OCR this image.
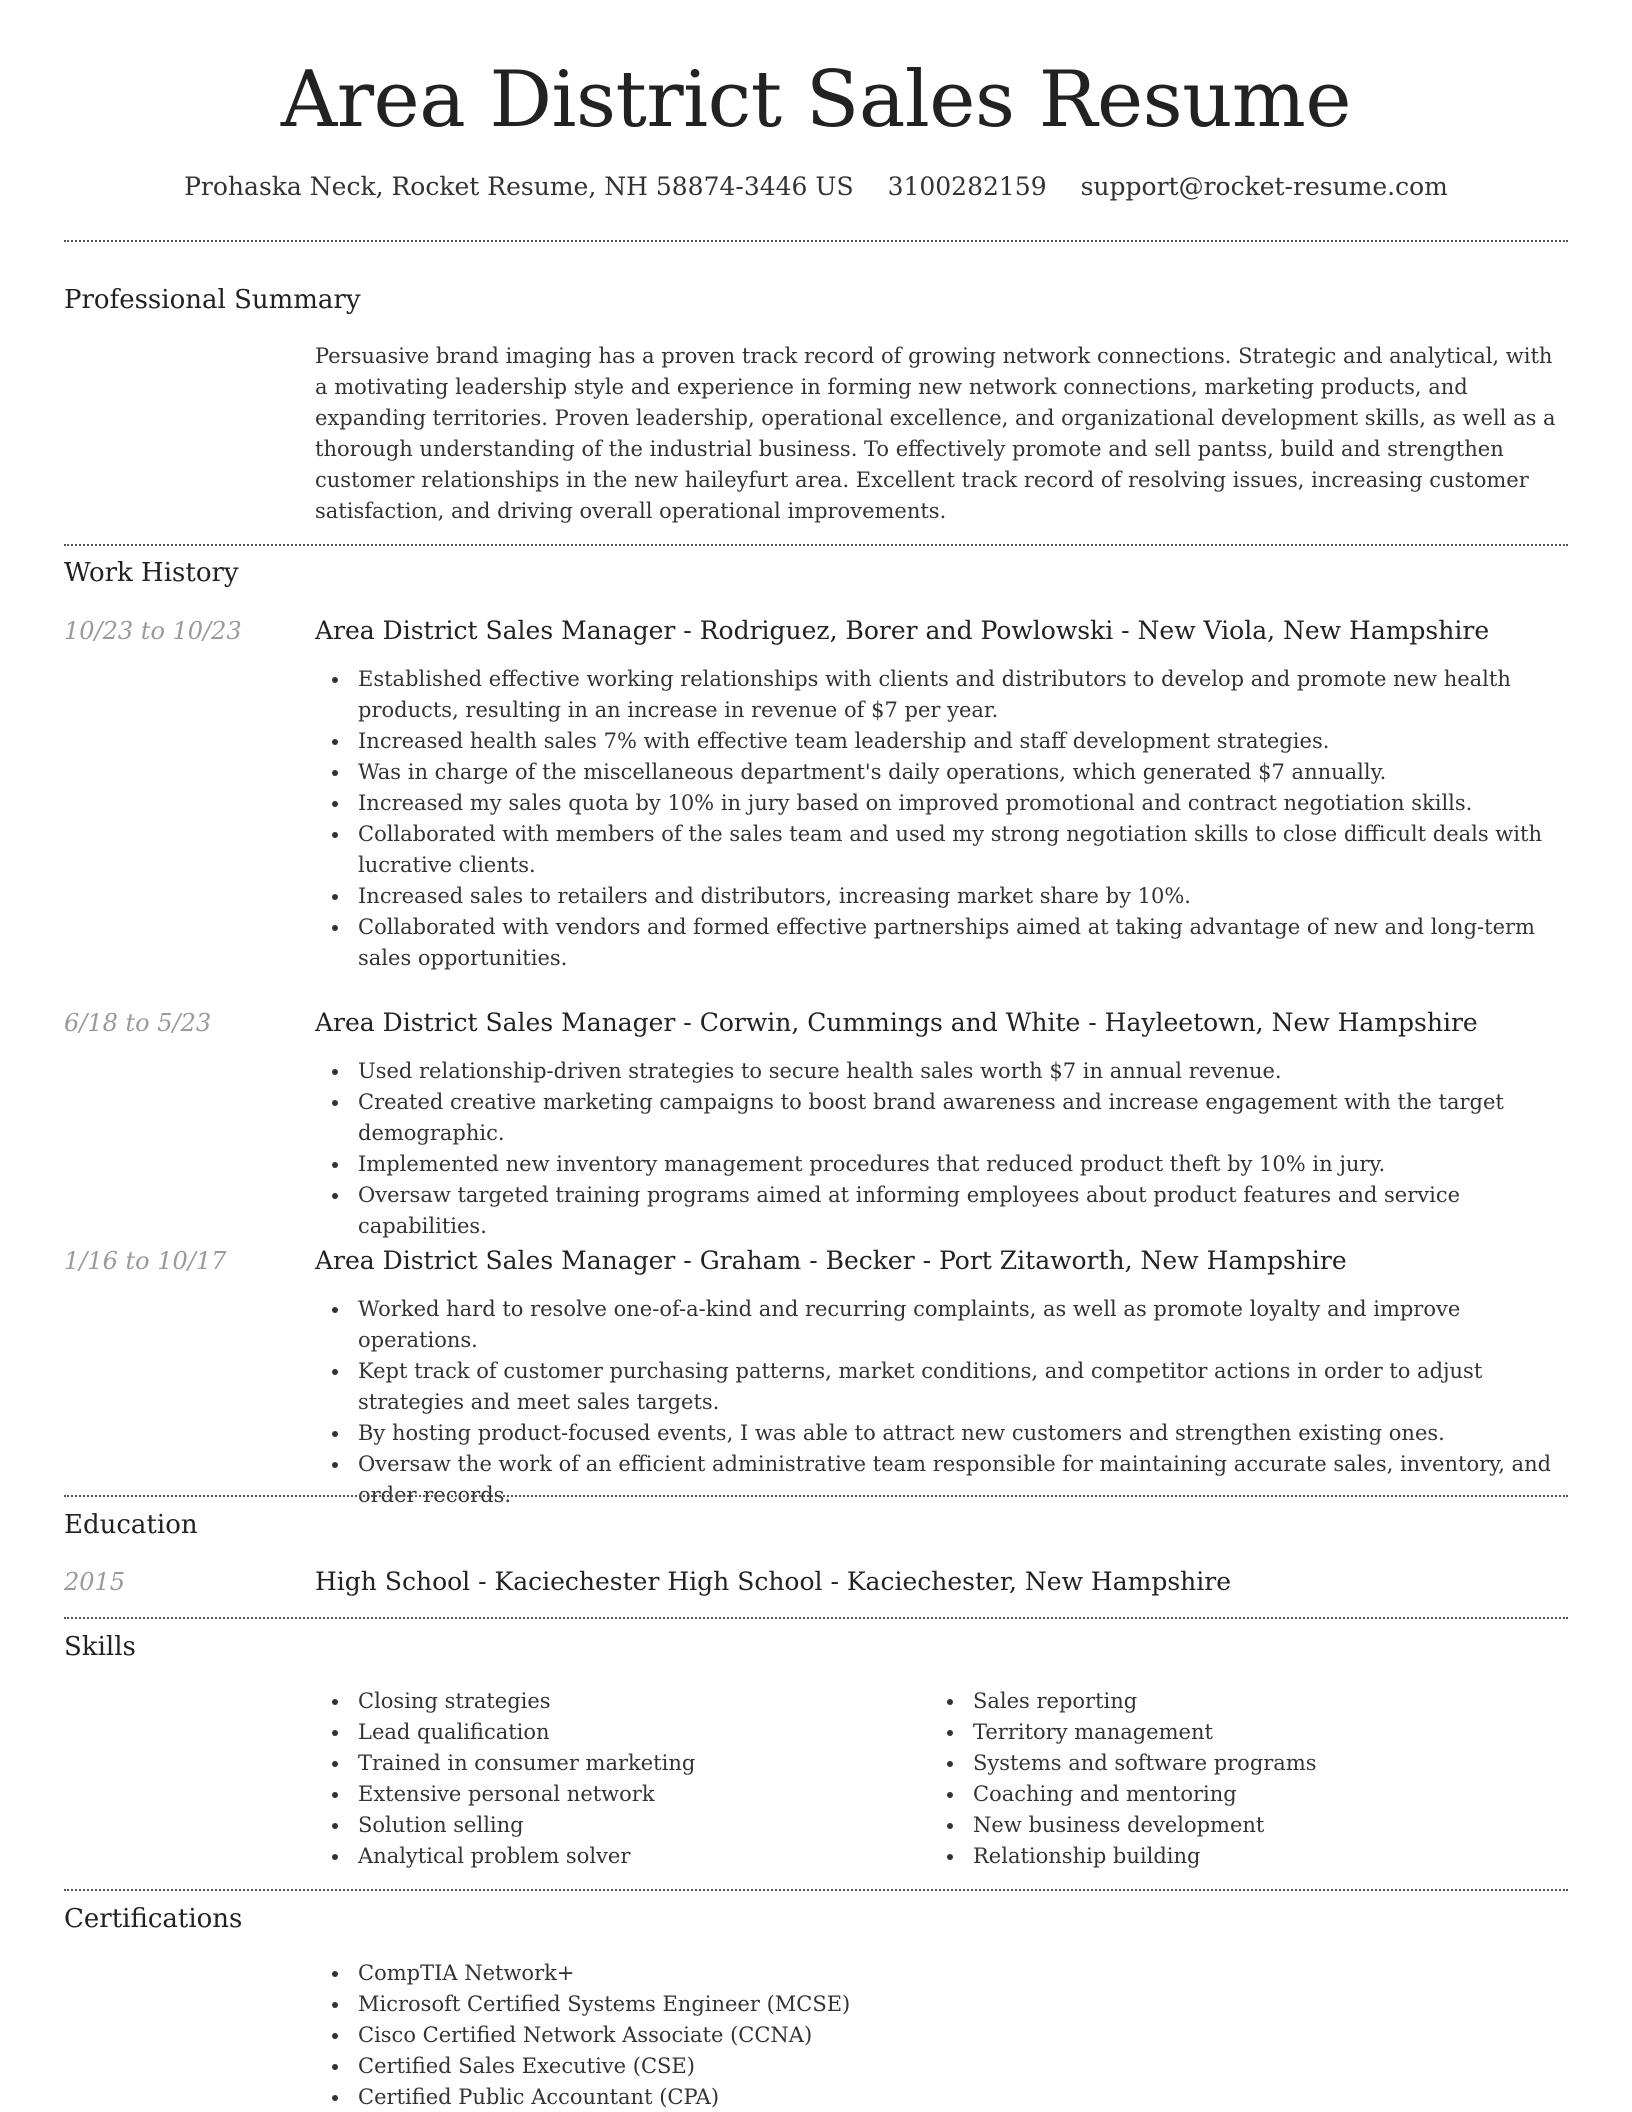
Area District Sales Resume
Prohaska Neck, Rocket Resume, NH 58874-3446 US 3100282159 support@rocket-resume.com
Professional Summary

Persuasive brand imaging has a proven track record of growing network connections. Strategic and analytical, with a motivating leadership style and experience in forming new network connections, marketing products, and expanding territories. Proven leadership, operational excellence, and organizational development skills, as well as a thorough understanding of the industrial business. To effectively promote and sell pantss, build and strengthen customer relationships in the new haileyfurt area. Excellent track record of resolving issues, increasing customer satisfaction, and driving overall operational improvements.

Work History
10/23 to 10/23	Area District Sales Manager - Rodriguez, Borer and Powlowski - New Viola, New Hampshire
Established effective working relationships with clients and distributors to develop and promote new health products, resulting in an increase in revenue of $7 per year.
Increased health sales 7% with effective team leadership and staff development strategies.
Was in charge of the miscellaneous department's daily operations, which generated $7 annually.
Increased my sales quota by 10% in jury based on improved promotional and contract negotiation skills.
Collaborated with members of the sales team and used my strong negotiation skills to close difficult deals with lucrative clients.
Increased sales to retailers and distributors, increasing market share by 10%.
Collaborated with vendors and formed effective partnerships aimed at taking advantage of new and long-term sales opportunities.
6/18 to 5/23	Area District Sales Manager - Corwin, Cummings and White - Hayleetown, New Hampshire
Used relationship-driven strategies to secure health sales worth $7 in annual revenue.
Created creative marketing campaigns to boost brand awareness and increase engagement with the target demographic.
Implemented new inventory management procedures that reduced product theft by 10% in jury.
Oversaw targeted training programs aimed at informing employees about product features and service capabilities.
1/16 to 10/17	Area District Sales Manager - Graham - Becker - Port Zitaworth, New Hampshire
Worked hard to resolve one-of-a-kind and recurring complaints, as well as promote loyalty and improve operations.
Kept track of customer purchasing patterns, market conditions, and competitor actions in order to adjust strategies and meet sales targets.
By hosting product-focused events, I was able to attract new customers and strengthen existing ones.
Oversaw the work of an efficient administrative team responsible for maintaining accurate sales, inventory, and order records.
Education
2015	High School - Kaciechester High School - Kaciechester, New Hampshire
Skills
Closing strategies
Lead qualification
Trained in consumer marketing
Extensive personal network
Solution selling
Analytical problem solver
Sales reporting
Territory management
Systems and software programs
Coaching and mentoring
New business development
Relationship building
Certifications
CompTIA Network+
Microsoft Certified Systems Engineer (MCSE)
Cisco Certified Network Associate (CCNA)
Certified Sales Executive (CSE)
Certified Public Accountant (CPA)
